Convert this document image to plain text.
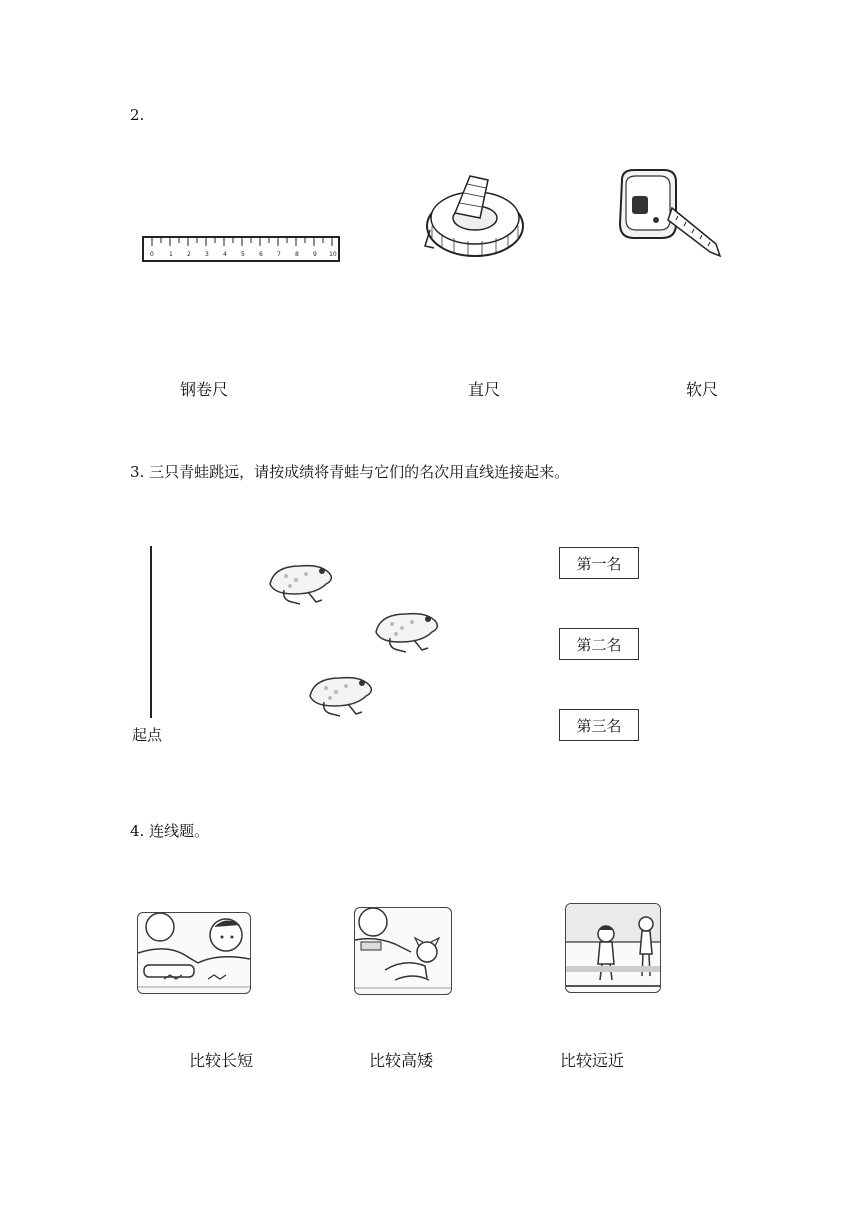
2.
0	1 2 3 4 5 6 7 8 9 10
钢卷尺	直尺	软尺
3. 三只青蛙跳远，请按成绩将青蛙与它们的名次用直线连接起来。
起点
第一名
第二名
第三名
4. 连线题。
比较长短	比较高矮	比较远近
